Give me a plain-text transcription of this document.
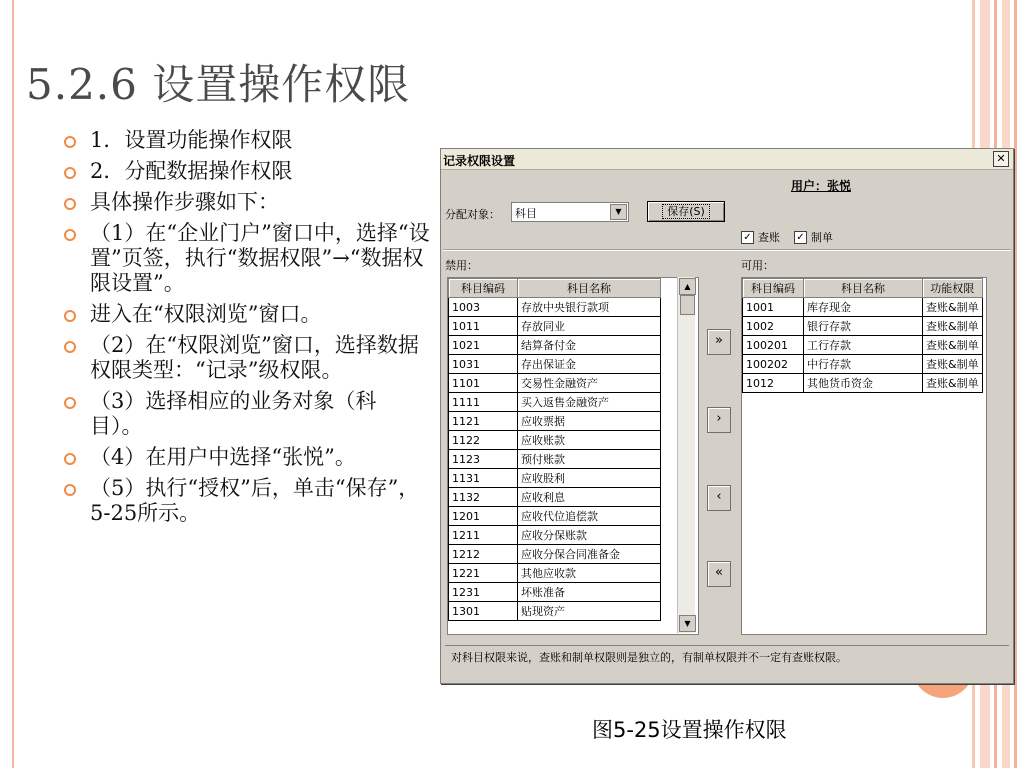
5.2.6 设置操作权限
1．设置功能操作权限
2．分配数据操作权限
具体操作步骤如下：
（1）在“企业门户”窗口中，选择“设置”页签，执行“数据权限”→“数据权限设置”。
进入在“权限浏览”窗口。
（2）在“权限浏览”窗口，选择数据权限类型：“记录”级权限。
（3）选择相应的业务对象（科目）。
（4）在用户中选择“张悦”。
（5）执行“授权”后，单击“保存”，5-25所示。
记录权限设置	✕
用户：张悦
分配对象： 科目	▼	保存(S)
✓ 查账 ✓ 制单
禁用：	可用：
科目编码	科目名称
1003	存放中央银行款项
1011	存放同业
1021	结算备付金
1031	存出保证金
1101	交易性金融资产
1111	买入返售金融资产
1121	应收票据
1122	应收账款
1123	预付账款
1131	应收股利
1132	应收利息
1201	应收代位追偿款
1211	应收分保账款
1212	应收分保合同准备金
1221	其他应收款
1231	坏账准备
1301	贴现资产
▲
▼
»
›
‹
«
科目编码	科目名称	功能权限
1001	库存现金	查账&制单
1002	银行存款	查账&制单
100201	工行存款	查账&制单
100202	中行存款	查账&制单
1012	其他货币资金	查账&制单
对科目权限来说，查账和制单权限则是独立的，有制单权限并不一定有查账权限。
图5-25设置操作权限
